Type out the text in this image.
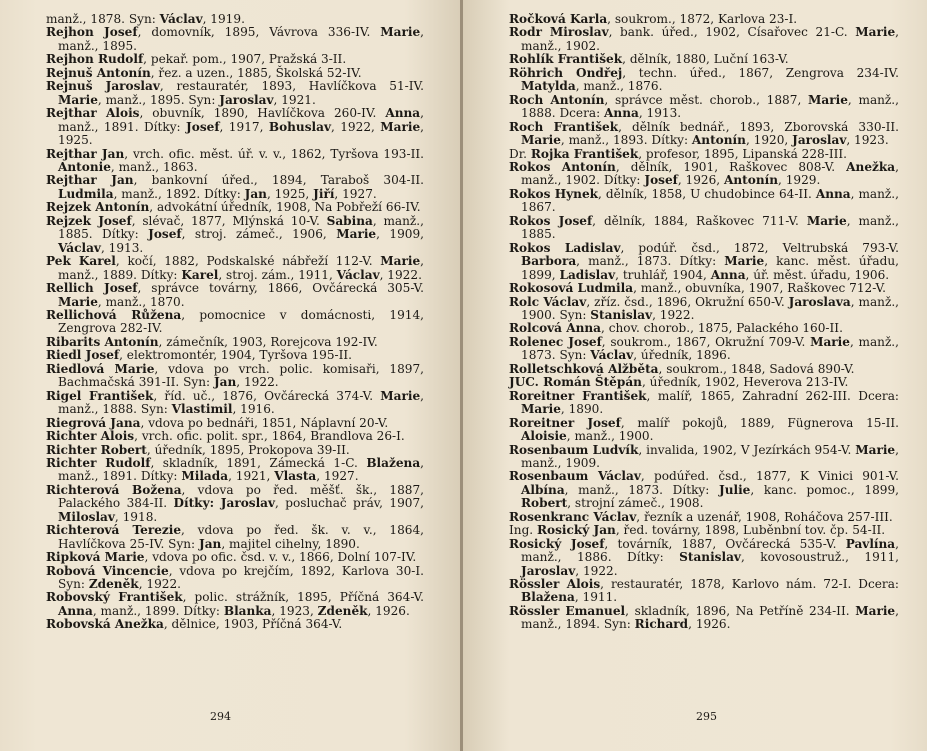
manž., 1878. Syn: Václav, 1919.

Rejhon Josef, domovník, 1895, Vávrova 336-IV. Marie, manž., 1895.

Rejhon Rudolf, pekař. pom., 1907, Pražská 3-II.

Rejnuš Antonín, řez. a uzen., 1885, Školská 52-IV.

Rejnuš Jaroslav, restauratér, 1893, Havlíčkova 51-IV. Marie, manž., 1895. Syn: Jaroslav, 1921.

Rejthar Alois, obuvník, 1890, Havlíčkova 260-IV. Anna, manž., 1891. Dítky: Josef, 1917, Bohuslav, 1922, Marie, 1925.

Rejthar Jan, vrch. ofic. měst. úř. v. v., 1862, Tyršova 193-II. Antonie, manž., 1863.

Rejthar Jan, bankovní úřed., 1894, Taraboš 304-II. Ludmila, manž., 1892. Dítky: Jan, 1925, Jiří, 1927.

Rejzek Antonín, advokátní úředník, 1908, Na Pobřeží 66-IV.

Rejzek Josef, slévač, 1877, Mlýnská 10-V. Sabina, manž., 1885. Dítky: Josef, stroj. zámeč., 1906, Marie, 1909, Václav, 1913.

Pek Karel, kočí, 1882, Podskalské nábřeží 112-V. Marie, manž., 1889. Dítky: Karel, stroj. zám., 1911, Václav, 1922.

Rellich Josef, správce továrny, 1866, Ovčárecká 305-V. Marie, manž., 1870.

Rellichová Růžena, pomocnice v domácnosti, 1914, Zengrova 282-IV.

Ribarits Antonín, zámečník, 1903, Rorejcova 192-IV.

Riedl Josef, elektromontér, 1904, Tyršova 195-II.

Riedlová Marie, vdova po vrch. polic. komisaři, 1897, Bachmačská 391-II. Syn: Jan, 1922.

Rigel František, říd. uč., 1876, Ovčárecká 374-V. Marie, manž., 1888. Syn: Vlastimil, 1916.

Riegrová Jana, vdova po bednáři, 1851, Náplavní 20-V.

Richter Alois, vrch. ofic. polit. spr., 1864, Brandlova 26-I.

Richter Robert, úředník, 1895, Prokopova 39-II.

Richter Rudolf, skladník, 1891, Zámecká 1-C. Blažena, manž., 1891. Dítky: Milada, 1921, Vlasta, 1927.

Richterová Božena, vdova po řed. měšť. šk., 1887, Palackého 384-II. Dítky: Jaroslav, posluchač práv, 1907, Miloslav, 1918.

Richterová Terezie, vdova po řed. šk. v. v., 1864, Havlíčkova 25-IV. Syn: Jan, majitel cihelny, 1890.

Ripková Marie, vdova po ofic. čsd. v. v., 1866, Dolní 107-IV.

Robová Vincencie, vdova po krejčím, 1892, Karlova 30-I. Syn: Zdeněk, 1922.

Robovský František, polic. strážník, 1895, Příčná 364-V. Anna, manž., 1899. Dítky: Blanka, 1923, Zdeněk, 1926.

Robovská Anežka, dělnice, 1903, Příčná 364-V.

294

Ročková Karla, soukrom., 1872, Karlova 23-I.

Rodr Miroslav, bank. úřed., 1902, Císařovec 21-C. Marie, manž., 1902.

Rohlík František, dělník, 1880, Luční 163-V.

Röhrich Ondřej, techn. úřed., 1867, Zengrova 234-IV. Matylda, manž., 1876.

Roch Antonín, správce měst. chorob., 1887, Marie, manž., 1888. Dcera: Anna, 1913.

Roch František, dělník bednář., 1893, Zborovská 330-II. Marie, manž., 1893. Dítky: Antonín, 1920, Jaroslav, 1923.

Dr. Rojka František, profesor, 1895, Lipanská 228-III.

Rokos Antonín, dělník, 1901, Raškovec 808-V. Anežka, manž., 1902. Dítky: Josef, 1926, Antonín, 1929.

Rokos Hynek, dělník, 1858, U chudobince 64-II. Anna, manž., 1867.

Rokos Josef, dělník, 1884, Raškovec 711-V. Marie, manž., 1885.

Rokos Ladislav, podúř. čsd., 1872, Veltrubská 793-V. Barbora, manž., 1873. Dítky: Marie, kanc. měst. úřadu, 1899, Ladislav, truhlář, 1904, Anna, úř. měst. úřadu, 1906.

Rokosová Ludmila, manž., obuvníka, 1907, Raškovec 712-V.

Rolc Václav, zříz. čsd., 1896, Okružní 650-V. Jaroslava, manž., 1900. Syn: Stanislav, 1922.

Rolcová Anna, chov. chorob., 1875, Palackého 160-II.

Rolenec Josef, soukrom., 1867, Okružní 709-V. Marie, manž., 1873. Syn: Václav, úředník, 1896.

Rolletschková Alžběta, soukrom., 1848, Sadová 890-V.

JUC. Román Štěpán, úředník, 1902, Heverova 213-IV.

Roreitner František, malíř, 1865, Zahradní 262-III. Dcera: Marie, 1890.

Roreitner Josef, malíř pokojů, 1889, Fügnerova 15-II. Aloisie, manž., 1900.

Rosenbaum Ludvík, invalida, 1902, V Jezírkách 954-V. Marie, manž., 1909.

Rosenbaum Václav, podúřed. čsd., 1877, K Vinici 901-V. Albína, manž., 1873. Dítky: Julie, kanc. pomoc., 1899, Robert, strojní zámeč., 1908.

Rosenkranc Václav, řezník a uzenář, 1908, Roháčova 257-III.

Ing. Rosický Jan, řed. továrny, 1898, Luběnbní tov. čp. 54-II.

Rosický Josef, továrník, 1887, Ovčárecká 535-V. Pavlína, manž., 1886. Dítky: Stanislav, kovosoustruž., 1911, Jaroslav, 1922.

Rössler Alois, restauratér, 1878, Karlovo nám. 72-I. Dcera: Blažena, 1911.

Rössler Emanuel, skladník, 1896, Na Petříně 234-II. Marie, manž., 1894. Syn: Richard, 1926.

295
